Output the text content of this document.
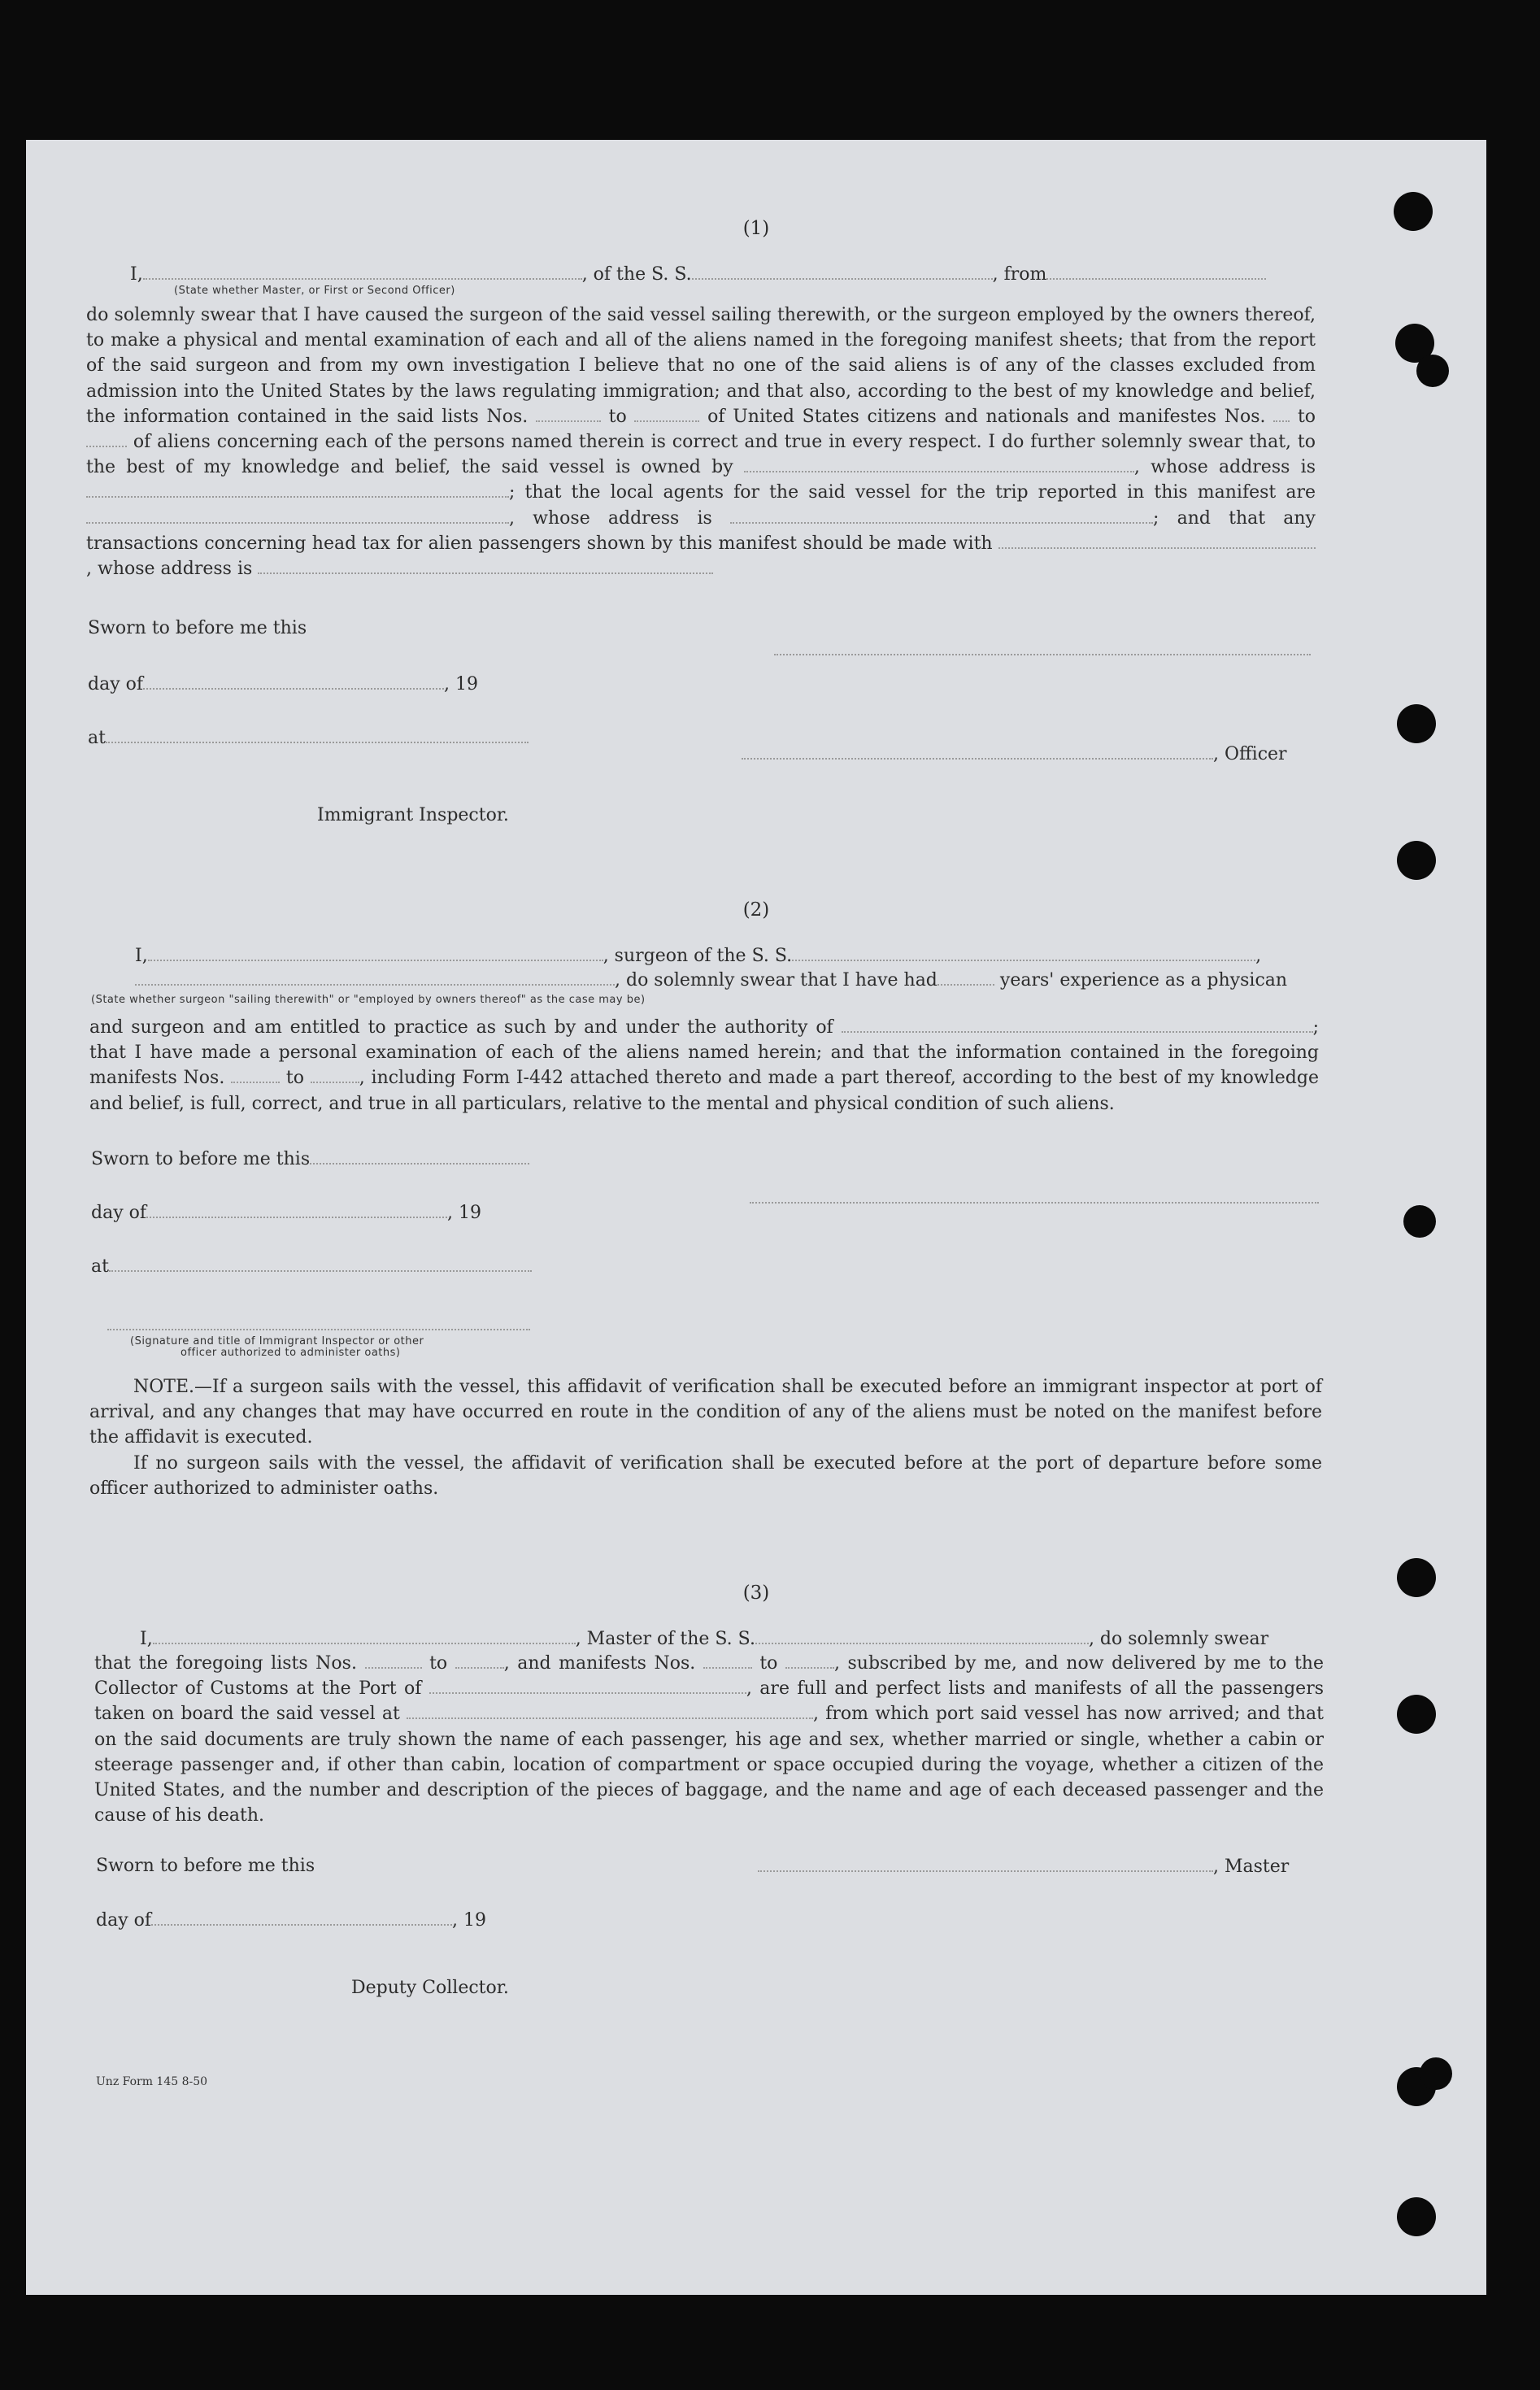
(1)
I,	, of the S. S.	, from
(State whether Master, or First or Second Officer)
do solemnly swear that I have caused the surgeon of the said vessel sailing therewith, or the surgeon employed by the owners thereof, to make a physical and mental examination of each and all of the aliens named in the foregoing manifest sheets; that from the report of the said surgeon and from my own investigation I believe that no one of the said aliens is of any of the classes excluded from admission into the United States by the laws regulating immigration; and that also, according to the best of my knowledge and belief, the information contained in the said lists Nos.	to	of United States citizens and nationals and manifestes Nos. to  of aliens concerning each of the persons named therein is correct and true in every respect. I do further solemnly swear that, to the best of my knowledge and belief, the said vessel is owned by	, whose address is ; that the local agents for the said vessel for the trip reported in this manifest are , whose address is	; and that any transactions concerning head tax for alien passengers shown by this manifest should be made with , whose address is
Sworn to before me this
day of	, 19
at
, Officer
Immigrant Inspector.
(2)
I,	, surgeon of the S. S.	,
, do solemnly swear that I have had	years' experience as a physican
(State whether surgeon "sailing therewith" or "employed by owners thereof" as the case may be)
and surgeon and am entitled to practice as such by and under the authority of	; that I have made a personal examination of each of the aliens named herein; and that the information contained in the foregoing manifests Nos.	to	, including Form I-442 attached thereto and made a part thereof, according to the best of my knowledge and belief, is full, correct, and true in all particulars, relative to the mental and physical condition of such aliens.
Sworn to before me this
day of	, 19
at
(Signature and title of Immigrant Inspector or other
officer authorized to administer oaths)
NOTE.—If a surgeon sails with the vessel, this affidavit of verification shall be executed before an immigrant inspector at port of arrival, and any changes that may have occurred en route in the condition of any of the aliens must be noted on the manifest before the affidavit is executed.
If no surgeon sails with the vessel, the affidavit of verification shall be executed before at the port of departure before some officer authorized to administer oaths.
(3)
I,	, Master of the S. S.	, do solemnly swear
that the foregoing lists Nos.	to	, and manifests Nos.	to	, subscribed by me, and now delivered by me to the Collector of Customs at the Port of	, are full and perfect lists and manifests of all the passengers taken on board the said vessel at	, from which port said vessel has now arrived; and that on the said documents are truly shown the name of each passenger, his age and sex, whether married or single, whether a cabin or steerage passenger and, if other than cabin, location of compartment or space occupied during the voyage, whether a citizen of the United States, and the number and description of the pieces of baggage, and the name and age of each deceased passenger and the cause of his death.
Sworn to before me this	, Master
day of	, 19
Deputy Collector.
Unz Form 145 8-50
